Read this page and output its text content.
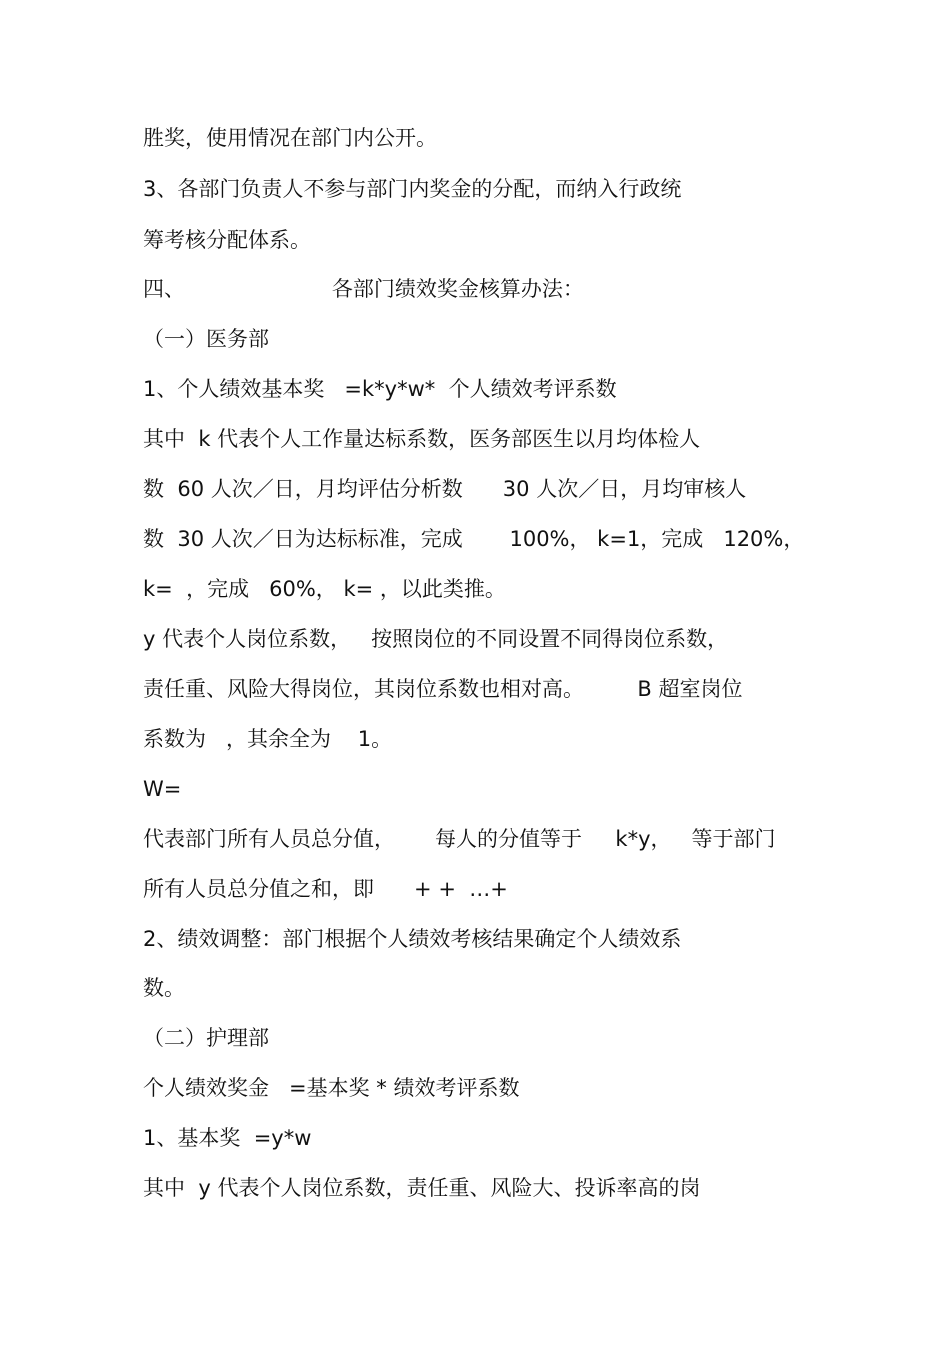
胜奖，使用情况在部门内公开。
3、各部门负责人不参与部门内奖金的分配，而纳入行政统
筹考核分配体系。
四、                      各部门绩效奖金核算办法：
（一）医务部
1、个人绩效基本奖   =k*y*w*  个人绩效考评系数
其中  k 代表个人工作量达标系数，医务部医生以月均体检人
数  60 人次／日，月均评估分析数      30 人次／日，月均审核人
数  30 人次／日为达标标准，完成       100%， k=1，完成   120%，
k=  ，完成   60%， k= ，以此类推。
y 代表个人岗位系数，   按照岗位的不同设置不同得岗位系数，
责任重、风险大得岗位，其岗位系数也相对高。        B 超室岗位
系数为   ，其余全为    1。
W=
代表部门所有人员总分值，      每人的分值等于     k*y，   等于部门
所有人员总分值之和，即      + +  …+
2、绩效调整：部门根据个人绩效考核结果确定个人绩效系
数。
（二）护理部
个人绩效奖金   =基本奖 * 绩效考评系数
1、基本奖  =y*w
其中  y 代表个人岗位系数，责任重、风险大、投诉率高的岗
